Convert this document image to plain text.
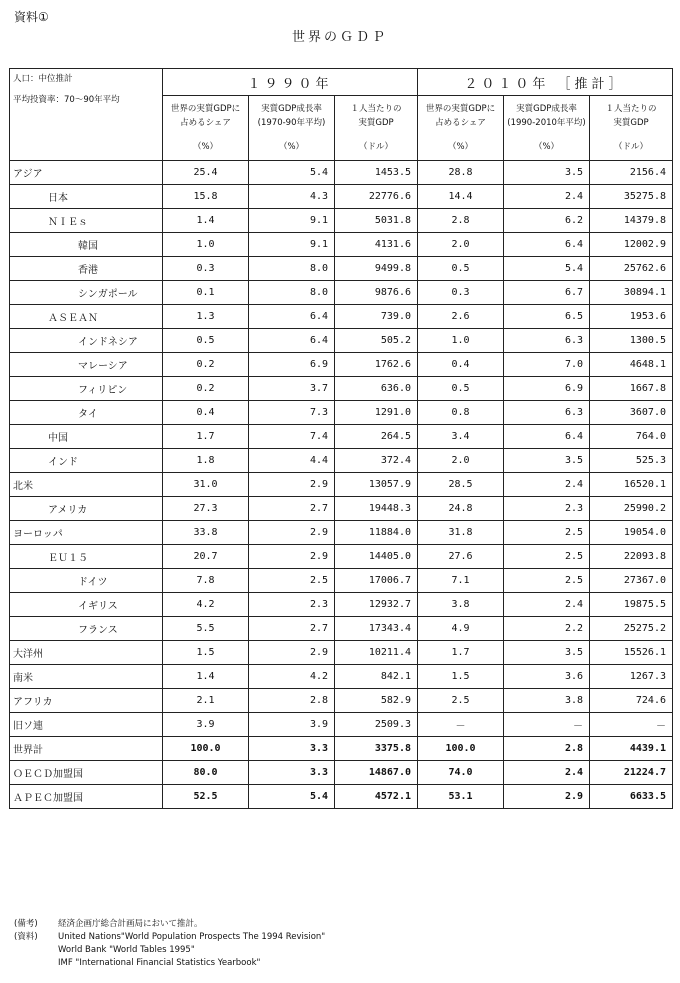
資料①
世界のＧＤＰ
人口：中位推計
平均投資率：70～90年平均	１９９０年			２０１０年 ［推計］		

	世界の実質GDPに
占めるシェア
（%）	実質GDP成長率
(1970-90年平均)
（%）	１人当たりの
実質GDP
（ドル）	世界の実質GDPに
占めるシェア
（%）	実質GDP成長率
(1990-2010年平均)
（%）	１人当たりの
実質GDP
（ドル）

アジア	25.4	5.4	1453.5	28.8	3.5	2156.4
日本	15.8	4.3	22776.6	14.4	2.4	35275.8
ＮＩＥｓ	1.4	9.1	5031.8	2.8	6.2	14379.8
韓国	1.0	9.1	4131.6	2.0	6.4	12002.9
香港	0.3	8.0	9499.8	0.5	5.4	25762.6
シンガポール	0.1	8.0	9876.6	0.3	6.7	30894.1
ＡＳＥＡＮ	1.3	6.4	739.0	2.6	6.5	1953.6
インドネシア	0.5	6.4	505.2	1.0	6.3	1300.5
マレーシア	0.2	6.9	1762.6	0.4	7.0	4648.1
フィリピン	0.2	3.7	636.0	0.5	6.9	1667.8
タイ	0.4	7.3	1291.0	0.8	6.3	3607.0
中国	1.7	7.4	264.5	3.4	6.4	764.0
インド	1.8	4.4	372.4	2.0	3.5	525.3
北米	31.0	2.9	13057.9	28.5	2.4	16520.1
アメリカ	27.3	2.7	19448.3	24.8	2.3	25990.2
ヨーロッパ	33.8	2.9	11884.0	31.8	2.5	19054.0
ＥＵ１５	20.7	2.9	14405.0	27.6	2.5	22093.8
ドイツ	7.8	2.5	17006.7	7.1	2.5	27367.0
イギリス	4.2	2.3	12932.7	3.8	2.4	19875.5
フランス	5.5	2.7	17343.4	4.9	2.2	25275.2
大洋州	1.5	2.9	10211.4	1.7	3.5	15526.1
南米	1.4	4.2	842.1	1.5	3.6	1267.3
アフリカ	2.1	2.8	582.9	2.5	3.8	724.6
旧ソ連	3.9	3.9	2509.3	－	－	－
世界計	100.0	3.3	3375.8	100.0	2.8	4439.1
ＯＥＣＤ加盟国	80.0	3.3	14867.0	74.0	2.4	21224.7
ＡＰＥＣ加盟国	52.5	5.4	4572.1	53.1	2.9	6633.5
(備考)	経済企画庁総合計画局において推計。
(資料)	United Nations"World Population Prospects The 1994 Revision"
World Bank "World Tables 1995"
IMF "International Financial Statistics Yearbook"
